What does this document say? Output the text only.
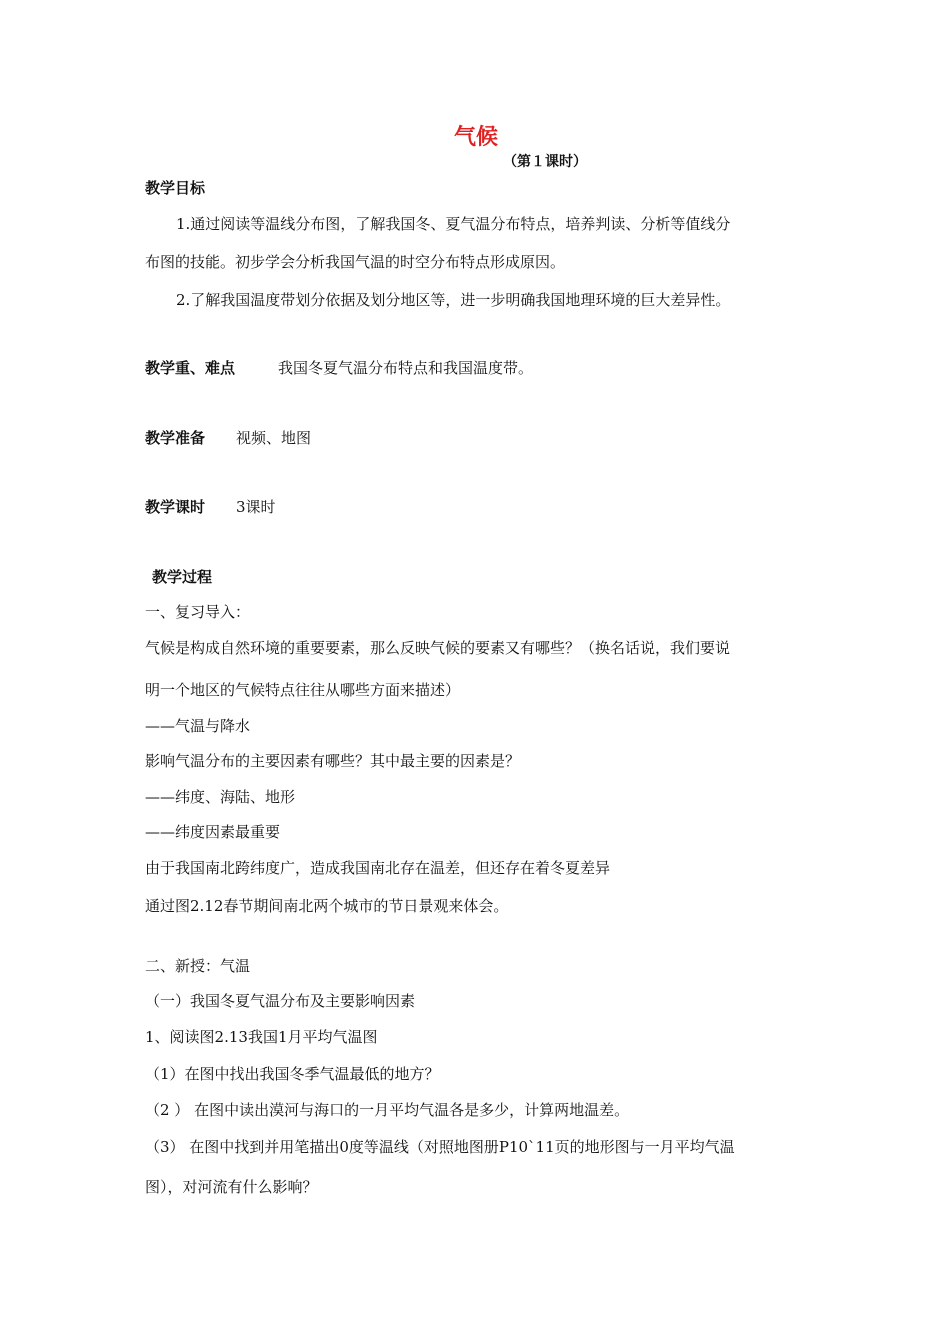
气候
（第１课时）
教学目标
1.通过阅读等温线分布图，了解我国冬、夏气温分布特点，培养判读、分析等值线分
布图的技能。初步学会分析我国气温的时空分布特点形成原因。
2.了解我国温度带划分依据及划分地区等，进一步明确我国地理环境的巨大差异性。
教学重、难点	我国冬夏气温分布特点和我国温度带。
教学准备 视频、地图
教学课时 3课时
教学过程
一、复习导入：
气候是构成自然环境的重要要素，那么反映气候的要素又有哪些？（换名话说，我们要说
明一个地区的气候特点往往从哪些方面来描述）
——气温与降水
影响气温分布的主要因素有哪些？其中最主要的因素是？
——纬度、海陆、地形
——纬度因素最重要
由于我国南北跨纬度广，造成我国南北存在温差，但还存在着冬夏差异
通过图2.12春节期间南北两个城市的节日景观来体会。
二、新授：气温
（一）我国冬夏气温分布及主要影响因素
1、阅读图2.13我国1月平均气温图
（1）在图中找出我国冬季气温最低的地方？
（2 ） 在图中读出漠河与海口的一月平均气温各是多少，计算两地温差。
（3） 在图中找到并用笔描出0度等温线（对照地图册P10`11页的地形图与一月平均气温
图），对河流有什么影响？
